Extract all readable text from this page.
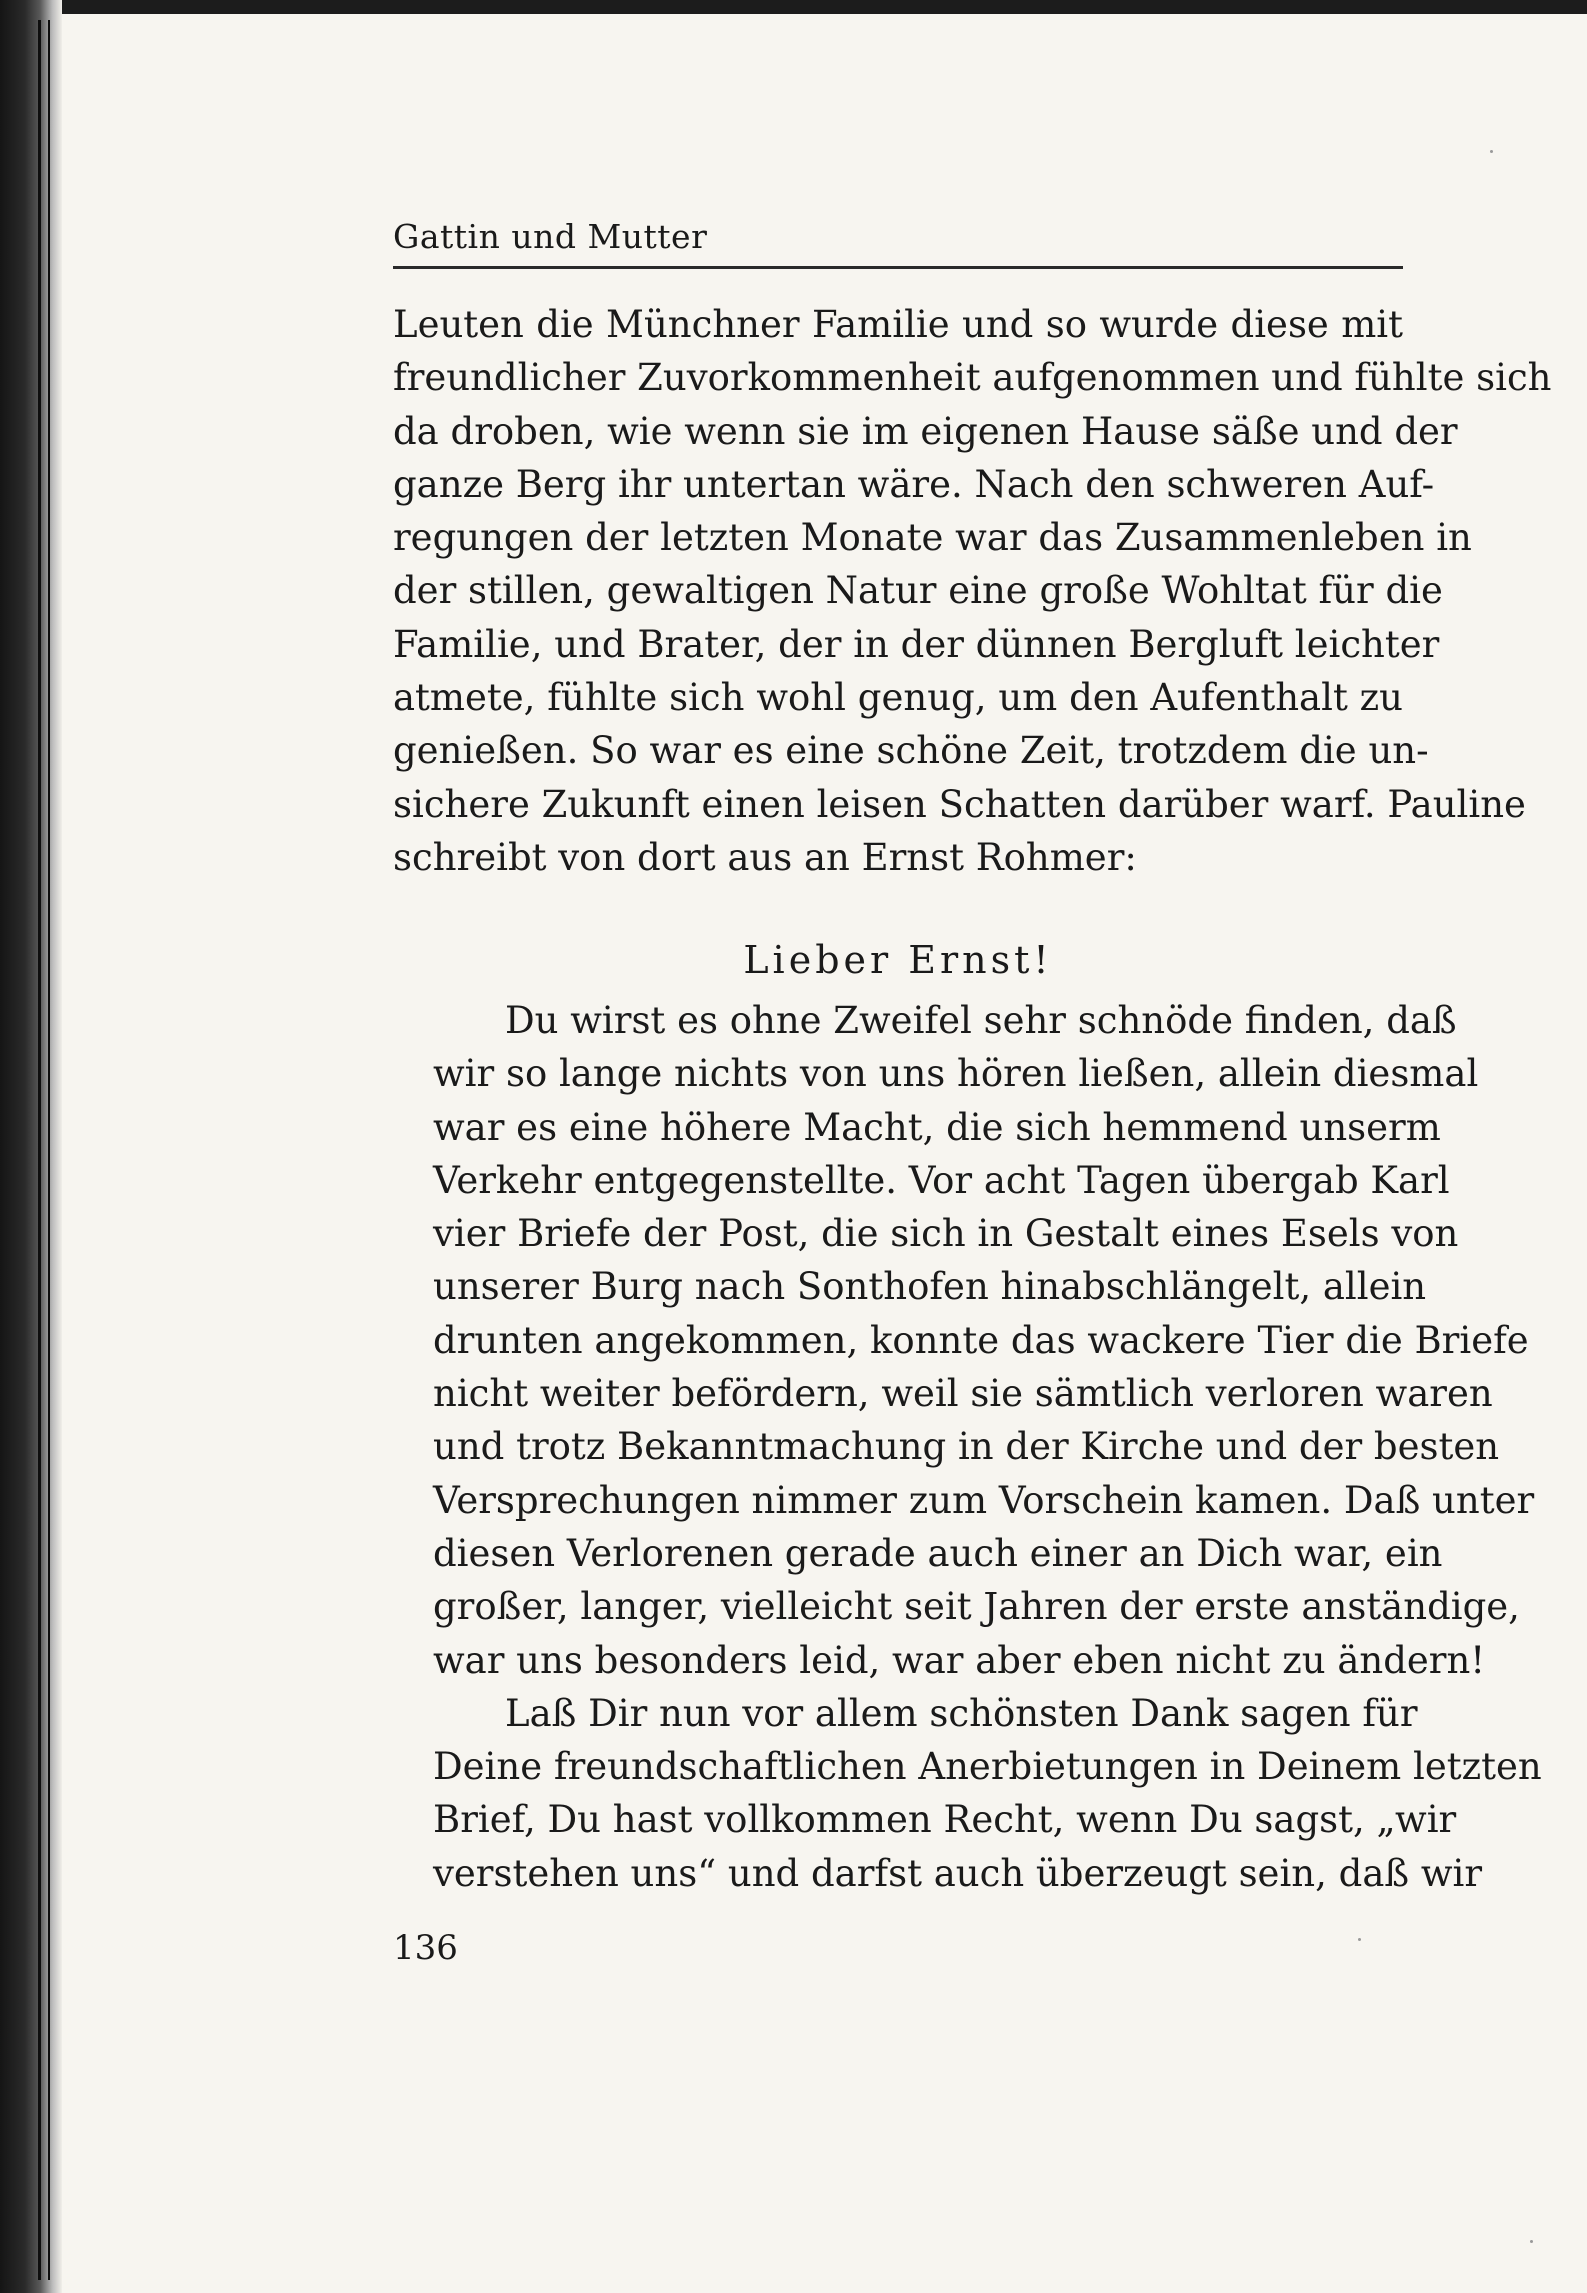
Gattin und Mutter
Leuten die Münchner Familie und so wurde diese mit
freundlicher Zuvorkommenheit aufgenommen und fühlte sich
da droben, wie wenn sie im eigenen Hause säße und der
ganze Berg ihr untertan wäre. Nach den schweren Auf-
regungen der letzten Monate war das Zusammenleben in
der stillen, gewaltigen Natur eine große Wohltat für die
Familie, und Brater, der in der dünnen Bergluft leichter
atmete, fühlte sich wohl genug, um den Aufenthalt zu
genießen. So war es eine schöne Zeit, trotzdem die un-
sichere Zukunft einen leisen Schatten darüber warf. Pauline
schreibt von dort aus an Ernst Rohmer:
Lieber Ernst!
Du wirst es ohne Zweifel sehr schnöde finden, daß
wir so lange nichts von uns hören ließen, allein diesmal
war es eine höhere Macht, die sich hemmend unserm
Verkehr entgegenstellte. Vor acht Tagen übergab Karl
vier Briefe der Post, die sich in Gestalt eines Esels von
unserer Burg nach Sonthofen hinabschlängelt, allein
drunten angekommen, konnte das wackere Tier die Briefe
nicht weiter befördern, weil sie sämtlich verloren waren
und trotz Bekanntmachung in der Kirche und der besten
Versprechungen nimmer zum Vorschein kamen. Daß unter
diesen Verlorenen gerade auch einer an Dich war, ein
großer, langer, vielleicht seit Jahren der erste anständige,
war uns besonders leid, war aber eben nicht zu ändern!
Laß Dir nun vor allem schönsten Dank sagen für
Deine freundschaftlichen Anerbietungen in Deinem letzten
Brief, Du hast vollkommen Recht, wenn Du sagst, „wir
verstehen uns“ und darfst auch überzeugt sein, daß wir
136
